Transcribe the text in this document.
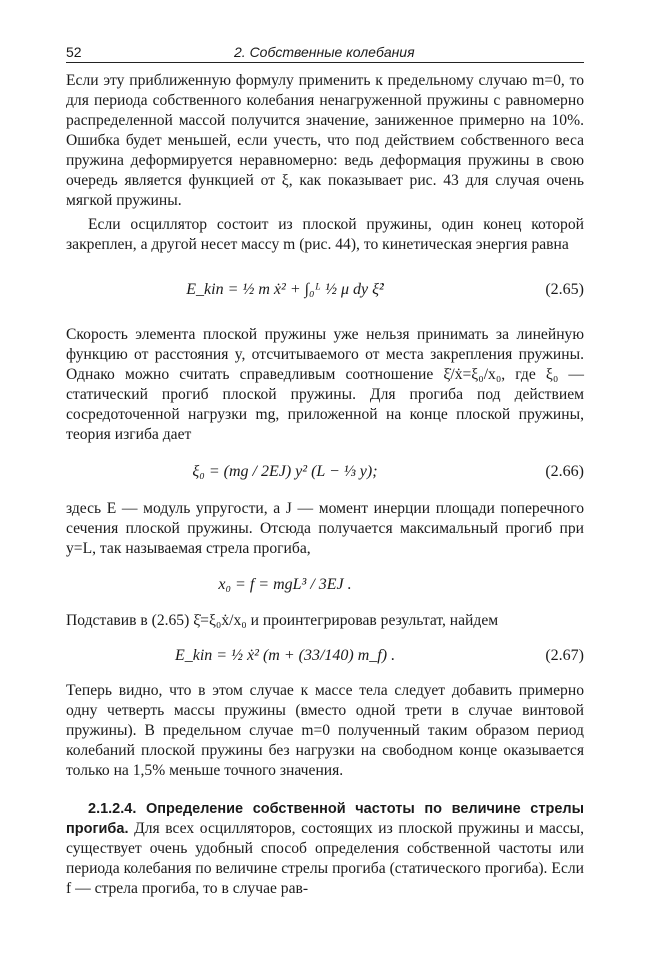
52	2. Собственные колебания

Если эту приближенную формулу применить к предельному случаю m=0, то для периода собственного колебания ненагруженной пружины с равномерно распределенной массой получится значение, заниженное примерно на 10%. Ошибка будет меньшей, если учесть, что под действием собственного веса пружина деформируется неравномерно: ведь деформация пружины в свою очередь является функцией от ξ, как показывает рис. 43 для случая очень мягкой пружины.

Если осциллятор состоит из плоской пружины, один конец которой закреплен, а другой несет массу m (рис. 44), то кинетическая энергия равна

E_kin = ½ m ẋ² + ∫₀ᴸ ½ μ dy ξ̇²	(2.65)

Скорость элемента плоской пружины уже нельзя принимать за линейную функцию от расстояния y, отсчитываемого от места закрепления пружины. Однако можно считать справедливым соотношение ξ̇/ẋ=ξ₀/x₀, где ξ₀ — статический прогиб плоской пружины. Для прогиба под действием сосредоточенной нагрузки mg, приложенной на конце плоской пружины, теория изгиба дает

ξ₀ = (mg / 2EJ) y² (L − ⅓ y);	(2.66)

здесь E — модуль упругости, а J — момент инерции площади поперечного сечения плоской пружины. Отсюда получается максимальный прогиб при y=L, так называемая стрела прогиба,

x₀ = f = mgL³ / 3EJ .

Подставив в (2.65) ξ̇=ξ₀ẋ/x₀ и проинтегрировав результат, найдем

E_kin = ½ ẋ² (m + (33/140) m_f) .	(2.67)

Теперь видно, что в этом случае к массе тела следует добавить примерно одну четверть массы пружины (вместо одной трети в случае винтовой пружины). В предельном случае m=0 полученный таким образом период колебаний плоской пружины без нагрузки на свободном конце оказывается только на 1,5% меньше точного значения.

2.1.2.4. Определение собственной частоты по величине стрелы прогиба. Для всех осцилляторов, состоящих из плоской пружины и массы, существует очень удобный способ определения собственной частоты или периода колебания по величине стрелы прогиба (статического прогиба). Если f — стрела прогиба, то в случае рав-
